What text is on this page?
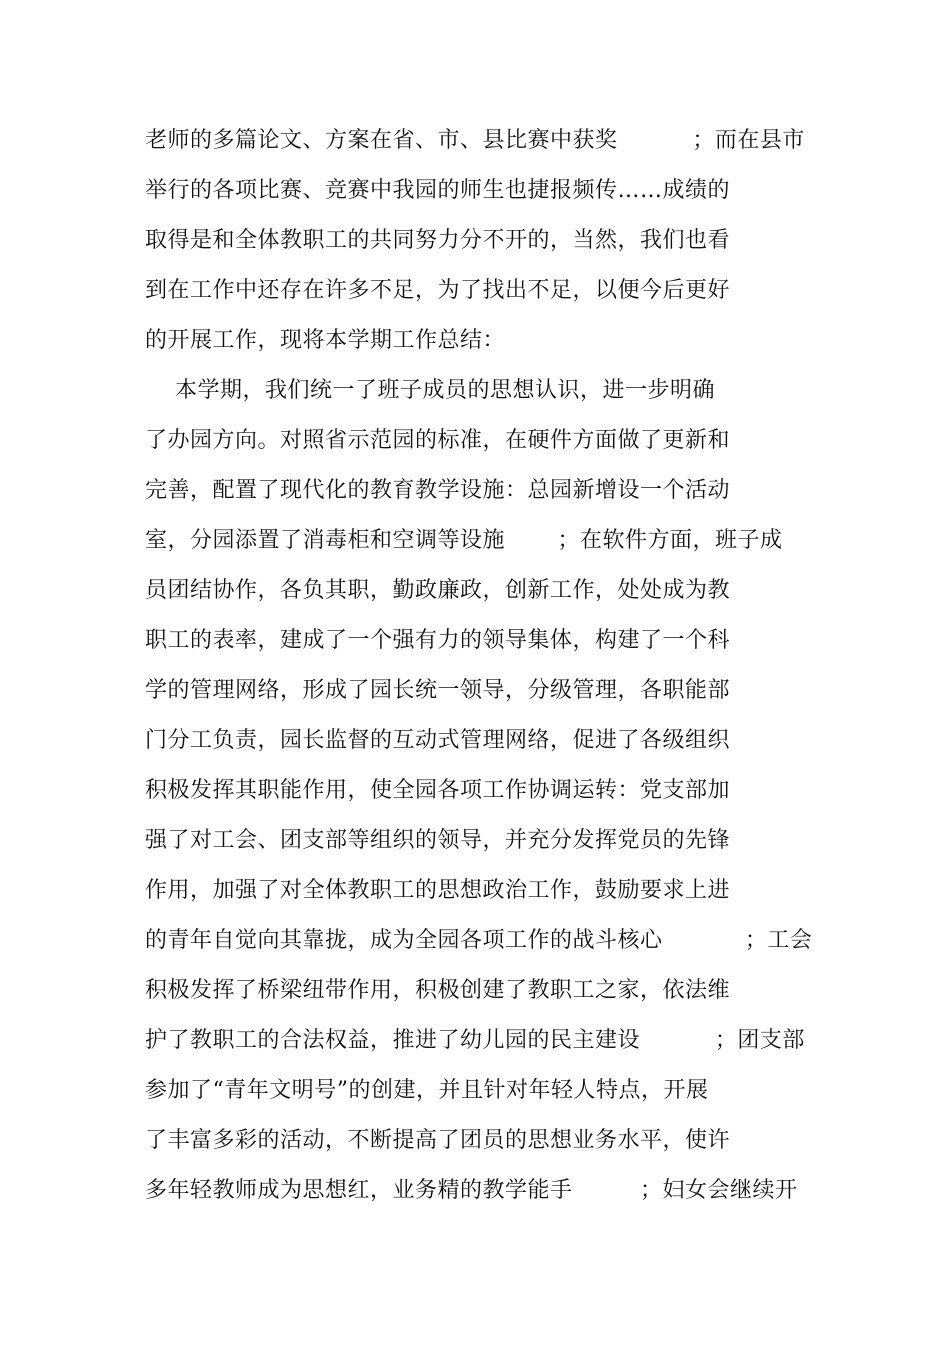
老师的多篇论文、方案在省、市、县比赛中获奖          ；而在县市
举行的各项比赛、竞赛中我园的师生也捷报频传……成绩的
取得是和全体教职工的共同努力分不开的，当然，我们也看
到在工作中还存在许多不足，为了找出不足，以便今后更好
的开展工作，现将本学期工作总结：
本学期，我们统一了班子成员的思想认识，进一步明确
了办园方向。对照省示范园的标准，在硬件方面做了更新和
完善，配置了现代化的教育教学设施：总园新增设一个活动
室，分园添置了消毒柜和空调等设施       ；在软件方面，班子成
员团结协作，各负其职，勤政廉政，创新工作，处处成为教
职工的表率，建成了一个强有力的领导集体，构建了一个科
学的管理网络，形成了园长统一领导，分级管理，各职能部
门分工负责，园长监督的互动式管理网络，促进了各级组织
积极发挥其职能作用，使全园各项工作协调运转：党支部加
强了对工会、团支部等组织的领导，并充分发挥党员的先锋
作用，加强了对全体教职工的思想政治工作，鼓励要求上进
的青年自觉向其靠拢，成为全园各项工作的战斗核心           ；工会
积极发挥了桥梁纽带作用，积极创建了教职工之家，依法维
护了教职工的合法权益，推进了幼儿园的民主建设          ；团支部
参加了“青年文明号”的创建，并且针对年轻人特点，开展
了丰富多彩的活动，不断提高了团员的思想业务水平，使许
多年轻教师成为思想红，业务精的教学能手         ；妇女会继续开
